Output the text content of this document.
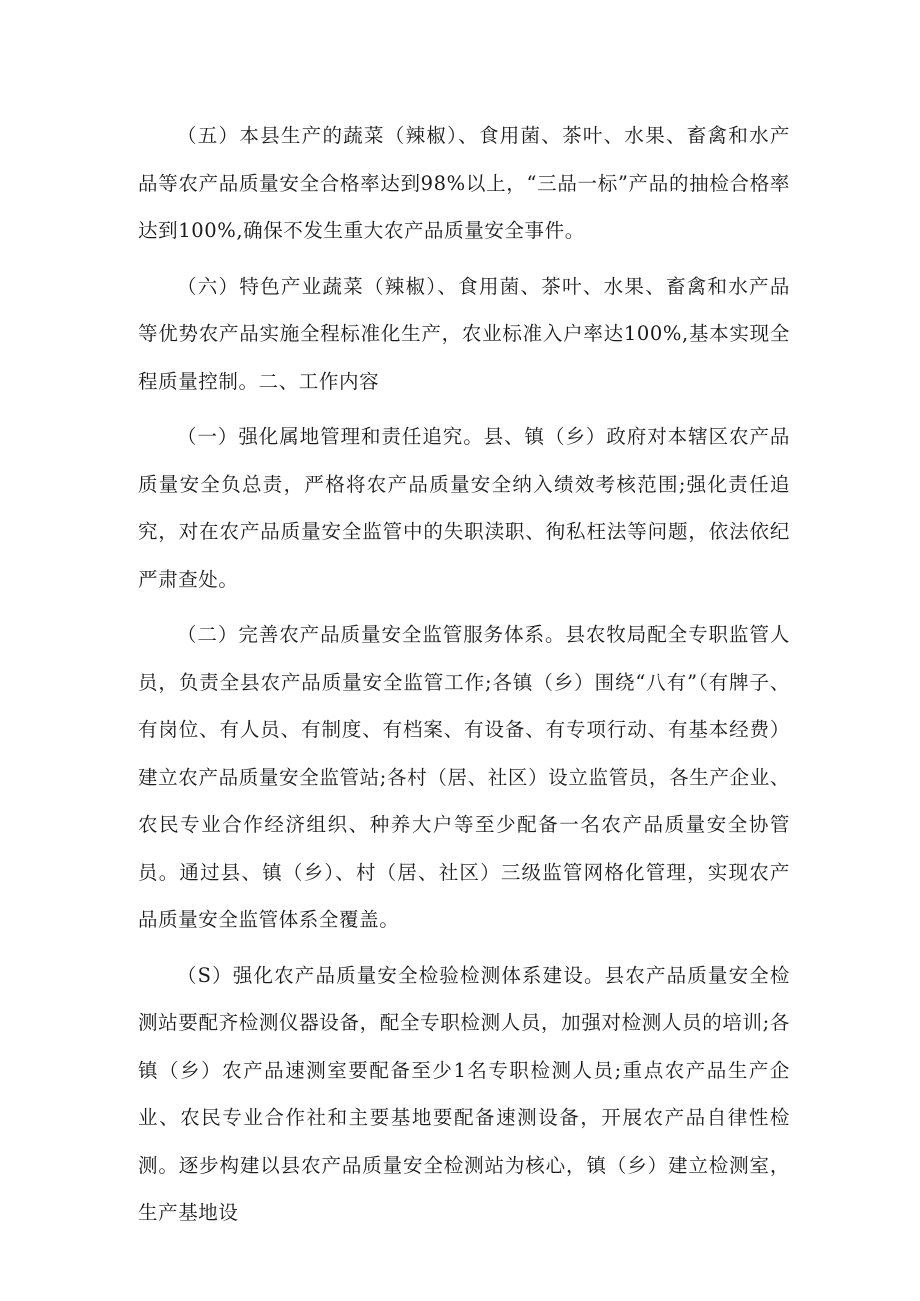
（五）本县生产的蔬菜（辣椒）、食用菌、茶叶、水果、畜禽和水产品等农产品质量安全合格率达到98%以上，“三品一标”产品的抽检合格率达到100%,确保不发生重大农产品质量安全事件。

（六）特色产业蔬菜（辣椒）、食用菌、茶叶、水果、畜禽和水产品等优势农产品实施全程标准化生产，农业标准入户率达100%,基本实现全程质量控制。二、工作内容

（一）强化属地管理和责任追究。县、镇（乡）政府对本辖区农产品质量安全负总责，严格将农产品质量安全纳入绩效考核范围;强化责任追究，对在农产品质量安全监管中的失职渎职、徇私枉法等问题，依法依纪严肃查处。

（二）完善农产品质量安全监管服务体系。县农牧局配全专职监管人员，负责全县农产品质量安全监管工作;各镇（乡）围绕“八有”（有牌子、有岗位、有人员、有制度、有档案、有设备、有专项行动、有基本经费）建立农产品质量安全监管站;各村（居、社区）设立监管员，各生产企业、农民专业合作经济组织、种养大户等至少配备一名农产品质量安全协管员。通过县、镇（乡）、村（居、社区）三级监管网格化管理，实现农产品质量安全监管体系全覆盖。

（S）强化农产品质量安全检验检测体系建设。县农产品质量安全检测站要配齐检测仪器设备，配全专职检测人员，加强对检测人员的培训;各镇（乡）农产品速测室要配备至少1名专职检测人员;重点农产品生产企业、农民专业合作社和主要基地要配备速测设备，开展农产品自律性检测。逐步构建以县农产品质量安全检测站为核心，镇（乡）建立检测室，生产基地设
